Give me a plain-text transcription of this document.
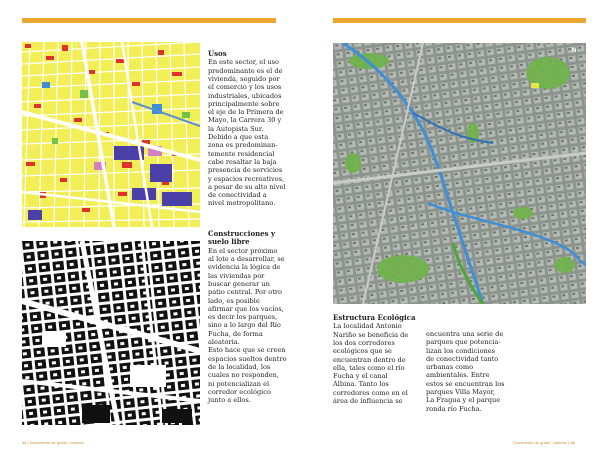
Usos

En este sector, el uso
predominante es el de
vivienda, seguido por
el comercio y los usos
industriales, ubicados
principalmente sobre
el eje de la Primera de
Mayo, la Carrera 30 y
la Autopista Sur.
Debido a que esta
zona es predominan-
temente residencial
cabe resaltar la baja
presencia de servicios
y espacios recreativos,
a pesar de su alto nivel
de conectividad a
nivel metropolitano.

Construcciones y suelo libre

En el sector próximo
al lote a desarrollar, se
evidencia la lógica de
las viviendas por
buscar generar un
patio central. Por otro
lado, es posible
afirmar que los vacíos,
es decir los parques,
sino a lo largo del Río
Fucha, de forma
aleatoria.
Esto hace que se creen
espacios sueltos dentro
de la localidad, los
cuales no responden,
ni potencializan el
corredor ecológico
junto a ellos.

12 | Documento de grado | autores
N
Estructura Ecológica

La localidad Antonio
Nariño se beneficia de
los dos corredores
ecológicos que se
encuentran dentro de
ella, tales como el río
Fucha y el canal
Albina. Tanto los
corredores como en el
área de influencia se

encuentra una serie de
parques que potencia-
lizan los condiciones
de conectividad tanto
urbanas como
ambientales. Entre
estos se encuentran los
parques Villa Mayor,
La Fragua y el parque
ronda río Fucha.

Documento de grado | autores | 13
